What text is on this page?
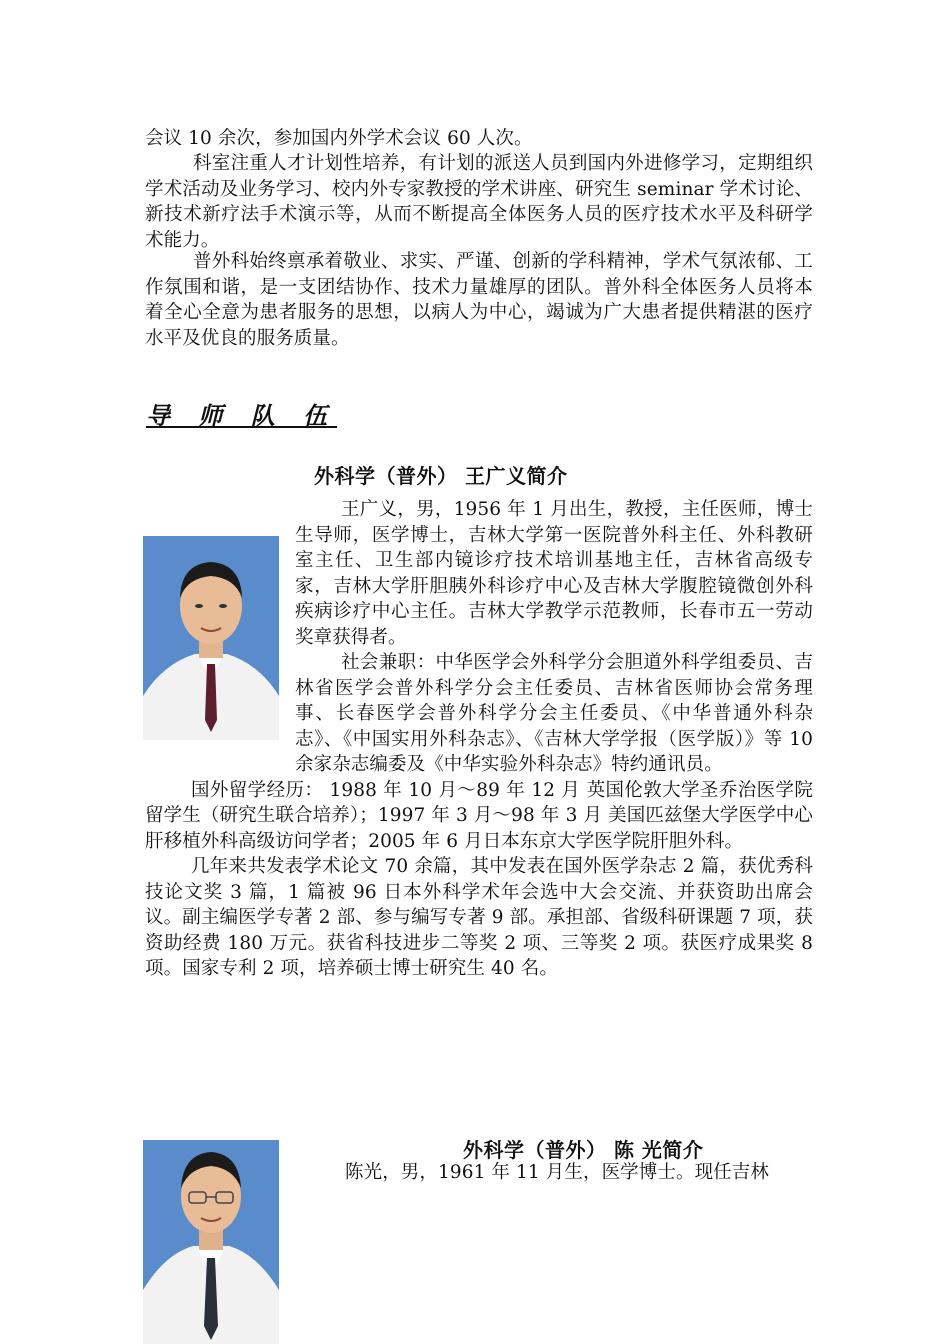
会议 10 余次，参加国内外学术会议 60 人次。
科室注重人才计划性培养，有计划的派送人员到国内外进修学习，定期组织学术活动及业务学习、校内外专家教授的学术讲座、研究生 seminar 学术讨论、新技术新疗法手术演示等，从而不断提高全体医务人员的医疗技术水平及科研学术能力。
普外科始终禀承着敬业、求实、严谨、创新的学科精神，学术气氛浓郁、工作氛围和谐，是一支团结协作、技术力量雄厚的团队。普外科全体医务人员将本着全心全意为患者服务的思想，以病人为中心，竭诚为广大患者提供精湛的医疗水平及优良的服务质量。
导 师 队 伍
外科学（普外） 王广义简介
王广义，男，1956 年 1 月出生，教授，主任医师，博士生导师，医学博士，吉林大学第一医院普外科主任、外科教研室主任、卫生部内镜诊疗技术培训基地主任，吉林省高级专家，吉林大学肝胆胰外科诊疗中心及吉林大学腹腔镜微创外科疾病诊疗中心主任。吉林大学教学示范教师，长春市五一劳动奖章获得者。
社会兼职：中华医学会外科学分会胆道外科学组委员、吉林省医学会普外科学分会主任委员、吉林省医师协会常务理事、长春医学会普外科学分会主任委员、《中华普通外科杂志》、《中国实用外科杂志》、《吉林大学学报（医学版）》等 10 余家杂志编委及《中华实验外科杂志》特约通讯员。
国外留学经历： 1988 年 10 月～89 年 12 月 英国伦敦大学圣乔治医学院 留学生（研究生联合培养）；1997 年 3 月～98 年 3 月 美国匹兹堡大学医学中心肝移植外科高级访问学者；2005 年 6 月日本东京大学医学院肝胆外科。
几年来共发表学术论文 70 余篇，其中发表在国外医学杂志 2 篇，获优秀科技论文奖 3 篇，1 篇被 96 日本外科学术年会选中大会交流、并获资助出席会议。副主编医学专著 2 部、参与编写专著 9 部。承担部、省级科研课题 7 项，获资助经费 180 万元。获省科技进步二等奖 2 项、三等奖 2 项。获医疗成果奖 8 项。国家专利 2 项，培养硕士博士研究生 40 名。
外科学（普外） 陈 光简介
陈光，男，1961 年 11 月生，医学博士。现任吉林
